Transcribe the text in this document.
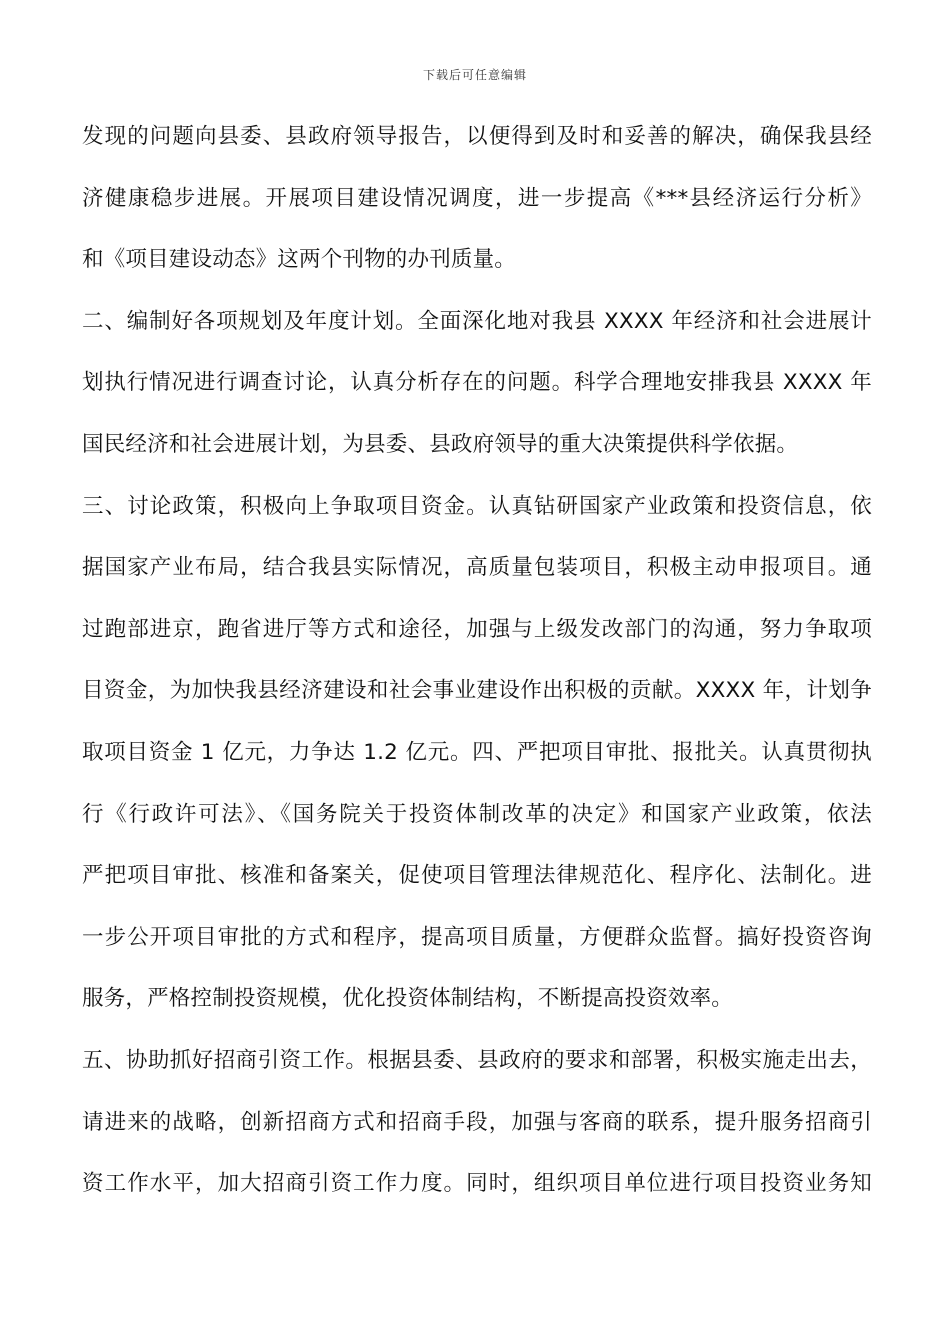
下载后可任意编辑
发现的问题向县委、县政府领导报告，以便得到及时和妥善的解决，确保我县经
济健康稳步进展。开展项目建设情况调度，进一步提高《***县经济运行分析》
和《项目建设动态》这两个刊物的办刊质量。
二、编制好各项规划及年度计划。全面深化地对我县 XXXX 年经济和社会进展计
划执行情况进行调查讨论，认真分析存在的问题。科学合理地安排我县 XXXX 年
国民经济和社会进展计划，为县委、县政府领导的重大决策提供科学依据。
三、讨论政策，积极向上争取项目资金。认真钻研国家产业政策和投资信息，依
据国家产业布局，结合我县实际情况，高质量包装项目，积极主动申报项目。通
过跑部进京，跑省进厅等方式和途径，加强与上级发改部门的沟通，努力争取项
目资金，为加快我县经济建设和社会事业建设作出积极的贡献。XXXX 年，计划争
取项目资金 1 亿元，力争达 1.2 亿元。四、严把项目审批、报批关。认真贯彻执
行《行政许可法》、《国务院关于投资体制改革的决定》和国家产业政策，依法
严把项目审批、核准和备案关，促使项目管理法律规范化、程序化、法制化。进
一步公开项目审批的方式和程序，提高项目质量，方便群众监督。搞好投资咨询
服务，严格控制投资规模，优化投资体制结构，不断提高投资效率。
五、协助抓好招商引资工作。根据县委、县政府的要求和部署，积极实施走出去，
请进来的战略，创新招商方式和招商手段，加强与客商的联系，提升服务招商引
资工作水平，加大招商引资工作力度。同时，组织项目单位进行项目投资业务知
